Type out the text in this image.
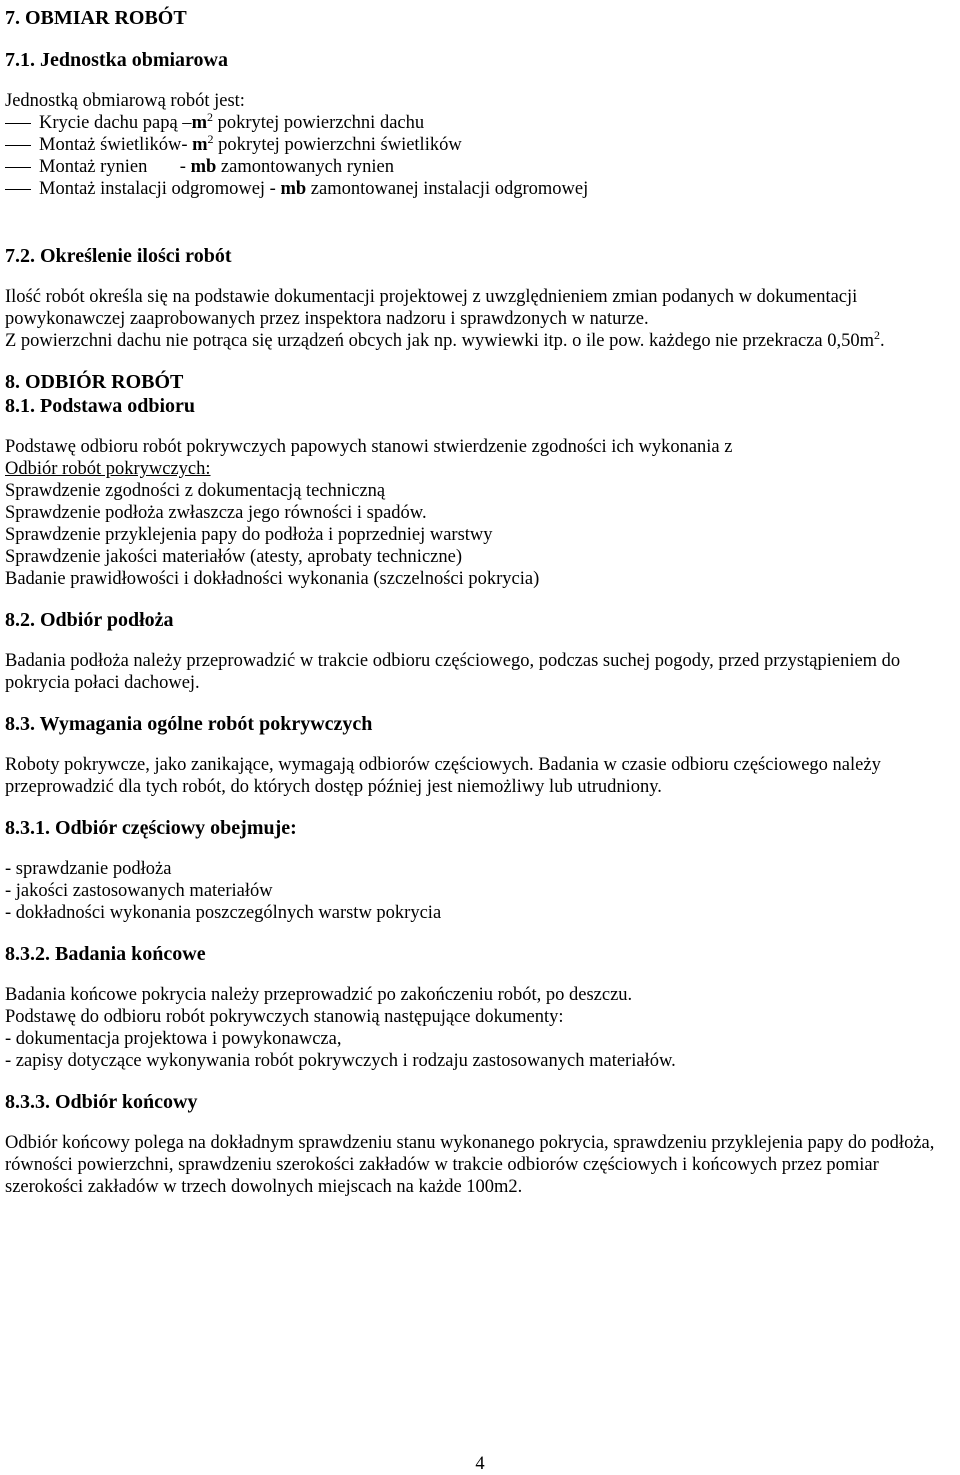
7. OBMIAR ROBÓT

7.1. Jednostka obmiarowa

Jednostką obmiarową robót jest:

Krycie dachu papą $-m^2$ pokrytej powierzchni dachu
Montaż świetlików- $m^2$ pokrytej powierzchni świetlików
Montaż rynien       - mb zamontowanych rynien
Montaż instalacji odgromowej - mb zamontowanej instalacji odgromowej

7.2. Określenie ilości robót

Ilość robót określa się na podstawie dokumentacji projektowej z uwzględnieniem zmian podanych w dokumentacji powykonawczej zaaprobowanych przez inspektora nadzoru i sprawdzonych w naturze.

Z powierzchni dachu nie potrąca się urządzeń obcych jak np. wywiewki itp. o ile pow. każdego nie przekracza $0,50m^2$.

8. ODBIÓR ROBÓT

8.1. Podstawa odbioru

Podstawę odbioru robót pokrywczych papowych stanowi stwierdzenie zgodności ich wykonania z

Odbiór robót pokrywczych:

Sprawdzenie zgodności z dokumentacją techniczną

Sprawdzenie podłoża zwłaszcza jego równości i spadów.

Sprawdzenie przyklejenia papy do podłoża i poprzedniej warstwy

Sprawdzenie jakości materiałów (atesty, aprobaty techniczne)

Badanie prawidłowości i dokładności wykonania (szczelności pokrycia)

8.2. Odbiór podłoża

Badania podłoża należy przeprowadzić w trakcie odbioru częściowego, podczas suchej pogody, przed przystąpieniem do pokrycia połaci dachowej.

8.3. Wymagania ogólne robót pokrywczych

Roboty pokrywcze, jako zanikające, wymagają odbiorów częściowych. Badania w czasie odbioru częściowego należy przeprowadzić dla tych robót, do których dostęp później jest niemożliwy lub utrudniony.

8.3.1. Odbiór częściowy obejmuje:

- sprawdzanie podłoża

- jakości zastosowanych materiałów

- dokładności wykonania poszczególnych warstw pokrycia

8.3.2. Badania końcowe

Badania końcowe pokrycia należy przeprowadzić po zakończeniu robót, po deszczu.

Podstawę do odbioru robót pokrywczych stanowią następujące dokumenty:

- dokumentacja projektowa i powykonawcza,

- zapisy dotyczące wykonywania robót pokrywczych i rodzaju zastosowanych materiałów.

8.3.3. Odbiór końcowy

Odbiór końcowy polega na dokładnym sprawdzeniu stanu wykonanego pokrycia, sprawdzeniu przyklejenia papy do podłoża, równości powierzchni, sprawdzeniu szerokości zakładów w trakcie odbiorów częściowych i końcowych przez pomiar szerokości zakładów w trzech dowolnych miejscach na każde 100m2.

4
